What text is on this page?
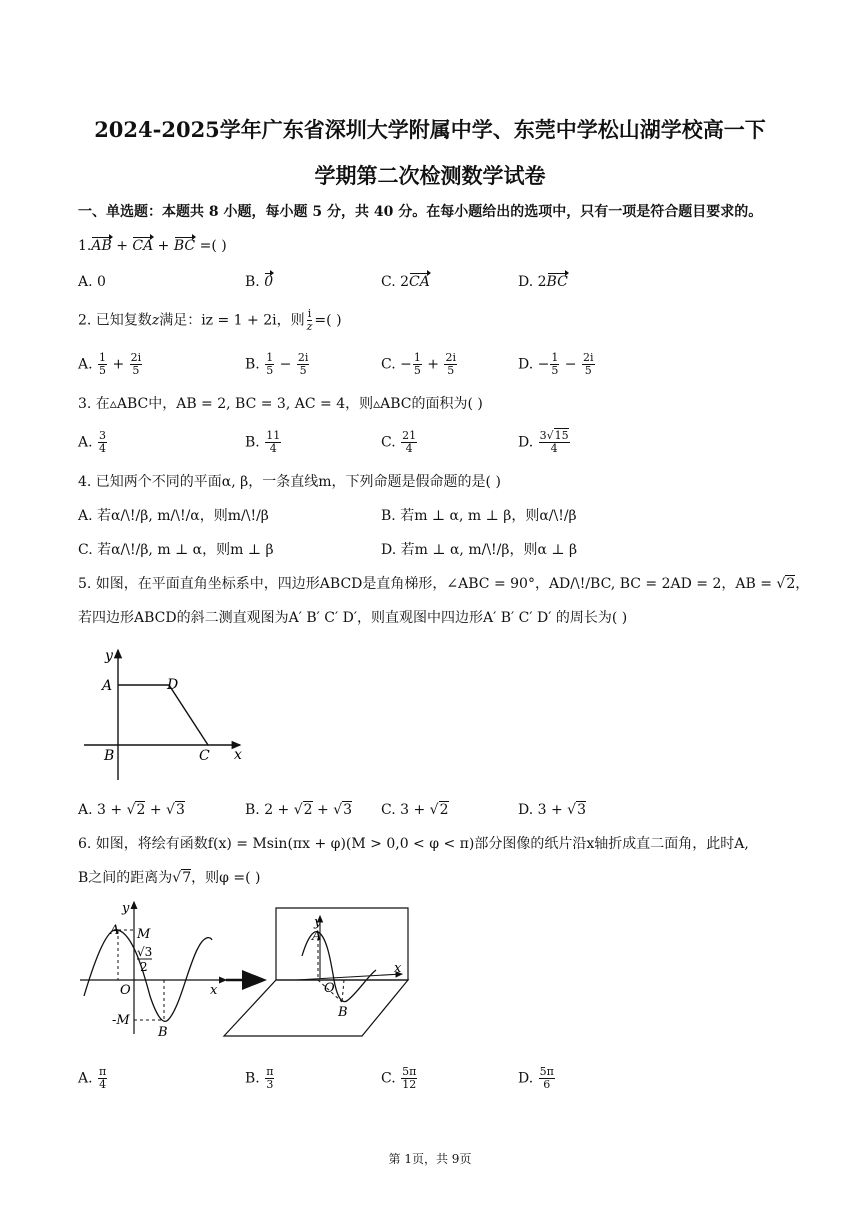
2024-2025学年广东省深圳大学附属中学、东莞中学松山湖学校高一下
学期第二次检测数学试卷
一、单选题：本题共 8 小题，每小题 5 分，共 40 分。在每小题给出的选项中，只有一项是符合题目要求的。
1.AB + CA + BC =( )
A. 0	B. 0	C. 2CA	D. 2BC
2. 已知复数z满足：iz = 1 + 2i，则 $\frac{i}{z}$ =( )
A. $\frac{1}{5} + \frac{2i}{5}$	B. $\frac{1}{5} - \frac{2i}{5}$	C. − $\frac{1}{5} + \frac{2i}{5}$	D. − $\frac{1}{5} - \frac{2i}{5}$
3. 在▵ABC中，AB = 2, BC = 3, AC = 4，则▵ABC的面积为( )
A. $\frac{3}{4}$	B. $\frac{11}{4}$	C. $\frac{21}{4}$	D. $\frac{3√15}{4}$
4. 已知两个不同的平面α, β，一条直线m，下列命题是假命题的是( )
A. 若α/\!/β, m/\!/α，则m/\!/β	B. 若m ⊥ α, m ⊥ β，则α/\!/β
C. 若α/\!/β, m ⊥ α，则m ⊥ β	D. 若m ⊥ α, m/\!/β，则α ⊥ β
5. 如图，在平面直角坐标系中，四边形ABCD是直角梯形，∠ABC = 90°，AD/\!/BC, BC = 2AD = 2，AB = √2，
若四边形ABCD的斜二测直观图为A′ B′ C′ D′，则直观图中四边形A′ B′ C′ D′ 的周长为( )
y
x
A	D
B	C
A. 3 + √2 + √3	B. 2 + √2 + √3 C. 3 + √2	D. 3 + √3
6. 如图，将绘有函数f(x) = Msin(πx + φ)(M > 0,0 < φ < π)部分图像的纸片沿x轴折成直二面角，此时A,
B之间的距离为√7，则φ =( )
y
x
A M
√3
2
O
-M
B
y
x
A
O
B
A. $\frac{\pi}{4}$	B. $\frac{\pi}{3}$	C. $\frac{5\pi}{12}$	D. $\frac{5\pi}{6}$
第 1页，共 9页
